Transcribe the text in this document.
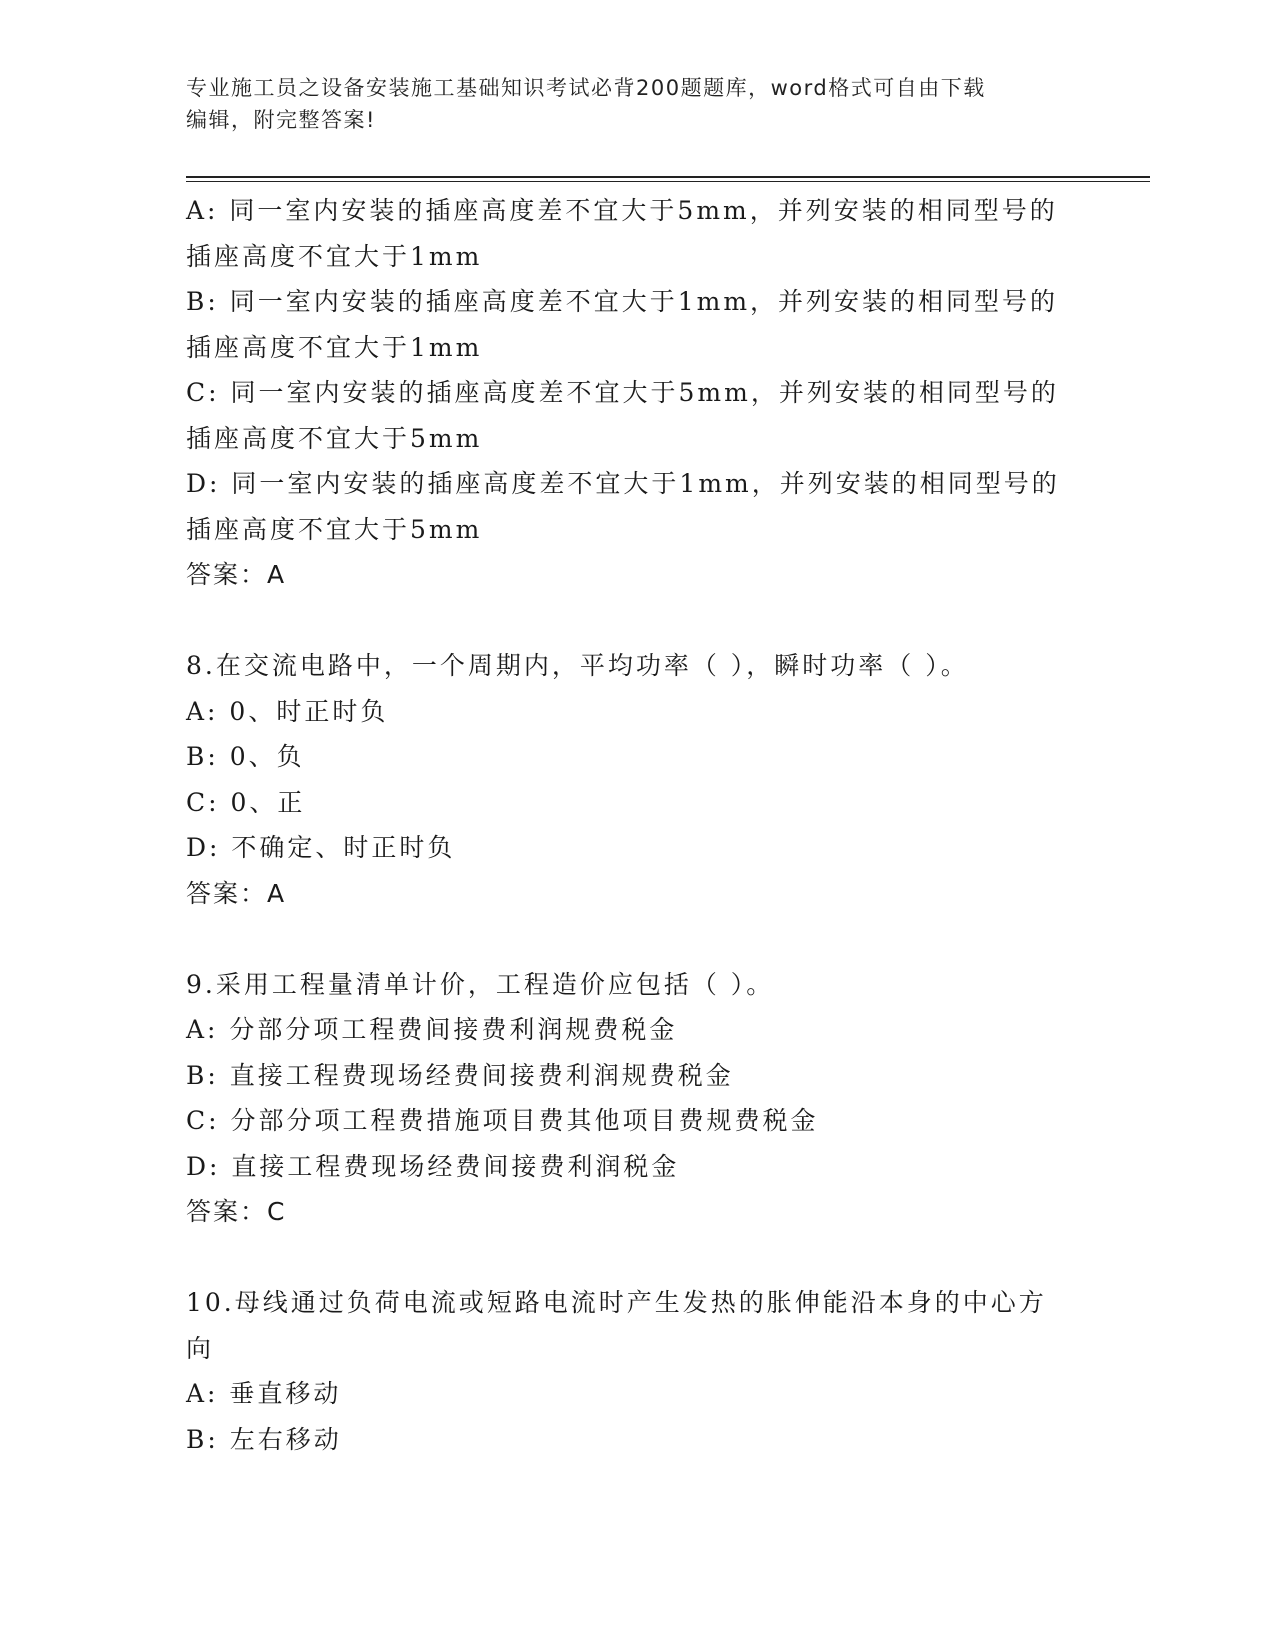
专业施工员之设备安装施工基础知识考试必背200题题库，word格式可自由下载
编辑，附完整答案!
A: 同一室内安装的插座高度差不宜大于5mm，并列安装的相同型号的
插座高度不宜大于1mm
B: 同一室内安装的插座高度差不宜大于1mm，并列安装的相同型号的
插座高度不宜大于1mm
C: 同一室内安装的插座高度差不宜大于5mm，并列安装的相同型号的
插座高度不宜大于5mm
D: 同一室内安装的插座高度差不宜大于1mm，并列安装的相同型号的
插座高度不宜大于5mm
答案：A
8.在交流电路中，一个周期内，平均功率（ ），瞬时功率（ ）。
A: 0、时正时负
B: 0、负
C: 0、正
D: 不确定、时正时负
答案：A
9.采用工程量清单计价，工程造价应包括（ ）。
A: 分部分项工程费间接费利润规费税金
B: 直接工程费现场经费间接费利润规费税金
C: 分部分项工程费措施项目费其他项目费规费税金
D: 直接工程费现场经费间接费利润税金
答案：C
10.母线通过负荷电流或短路电流时产生发热的胀伸能沿本身的中心方
向
A: 垂直移动
B: 左右移动
